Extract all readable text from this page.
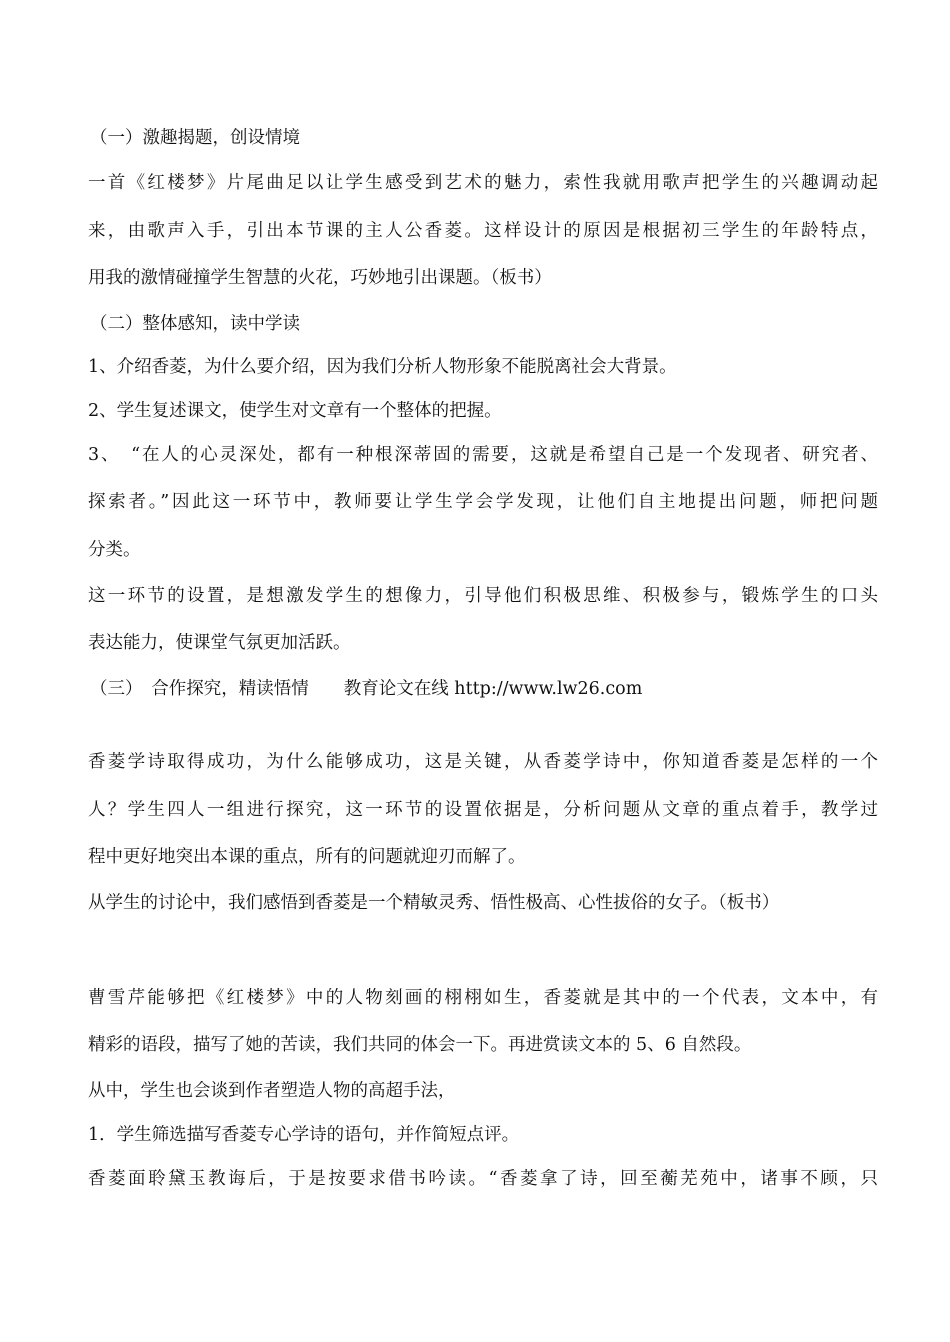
（一）激趣揭题，创设情境
一首《红楼梦》片尾曲足以让学生感受到艺术的魅力，索性我就用歌声把学生的兴趣调动起
来，由歌声入手，引出本节课的主人公香菱。这样设计的原因是根据初三学生的年龄特点，
用我的激情碰撞学生智慧的火花，巧妙地引出课题。（板书）
（二）整体感知，读中学读
1、介绍香菱，为什么要介绍，因为我们分析人物形象不能脱离社会大背景。
2、学生复述课文，使学生对文章有一个整体的把握。
3、　“在人的心灵深处，都有一种根深蒂固的需要，这就是希望自己是一个发现者、研究者、
探索者。”因此这一环节中，教师要让学生学会学发现，让他们自主地提出问题，师把问题
分类。
这一环节的设置，是想激发学生的想像力，引导他们积极思维、积极参与，锻炼学生的口头
表达能力，使课堂气氛更加活跃。
（三）　合作探究，精读悟情　　教育论文在线 http://www.lw26.com
香菱学诗取得成功，为什么能够成功，这是关键，从香菱学诗中，你知道香菱是怎样的一个
人？学生四人一组进行探究，这一环节的设置依据是，分析问题从文章的重点着手，教学过
程中更好地突出本课的重点，所有的问题就迎刃而解了。
从学生的讨论中，我们感悟到香菱是一个精敏灵秀、悟性极高、心性拔俗的女子。（板书）
曹雪芹能够把《红楼梦》中的人物刻画的栩栩如生，香菱就是其中的一个代表，文本中，有
精彩的语段，描写了她的苦读，我们共同的体会一下。再进赏读文本的 5、6 自然段。
从中，学生也会谈到作者塑造人物的高超手法，
1．学生筛选描写香菱专心学诗的语句，并作简短点评。
香菱面聆黛玉教诲后，于是按要求借书吟读。“香菱拿了诗，回至蘅芜苑中，诸事不顾，只
